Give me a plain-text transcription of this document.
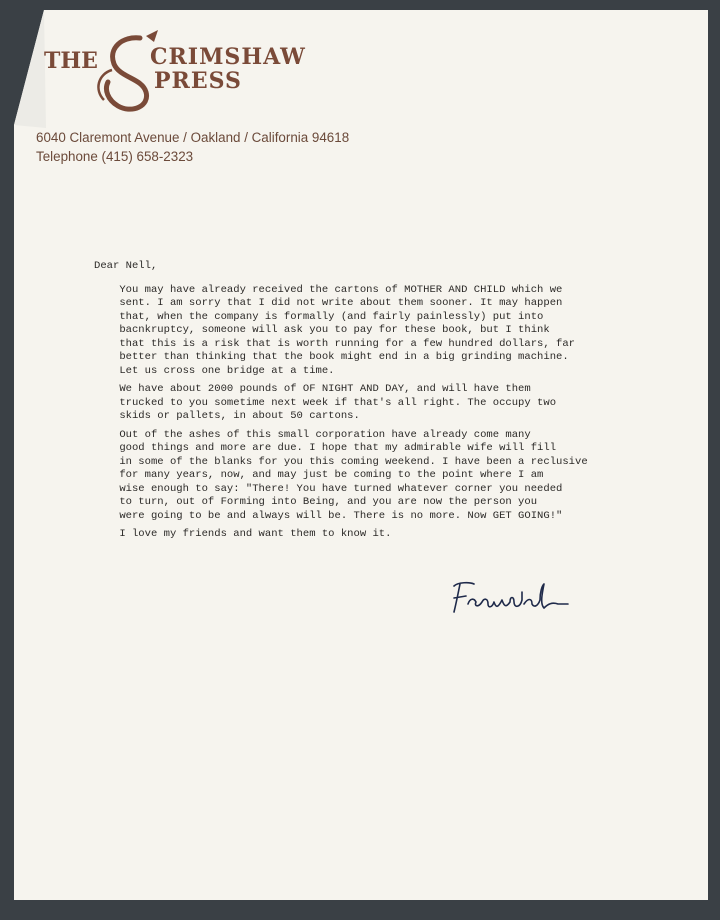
THE CRIMSHAW
PRESS
6040 Claremont Avenue / Oakland / California 94618
Telephone (415) 658-2323

Dear Nell,

You may have already received the cartons of MOTHER AND CHILD which we
sent. I am sorry that I did not write about them sooner. It may happen
that, when the company is formally (and fairly painlessly) put into
bacnkruptcy, someone will ask you to pay for these book, but I think
that this is a risk that is worth running for a few hundred dollars, far
better than thinking that the book might end in a big grinding machine.
Let us cross one bridge at a time.

We have about 2000 pounds of OF NIGHT AND DAY, and will have them
trucked to you sometime next week if that's all right. The occupy two
skids or pallets, in about 50 cartons.

Out of the ashes of this small corporation have already come many
good things and more are due. I hope that my admirable wife will fill
in some of the blanks for you this coming weekend. I have been a reclusive
for many years, now, and may just be coming to the point where I am
wise enough to say: "There! You have turned whatever corner you needed
to turn, out of Forming into Being, and you are now the person you
were going to be and always will be. There is no more. Now GET GOING!"

I love my friends and want them to know it.
